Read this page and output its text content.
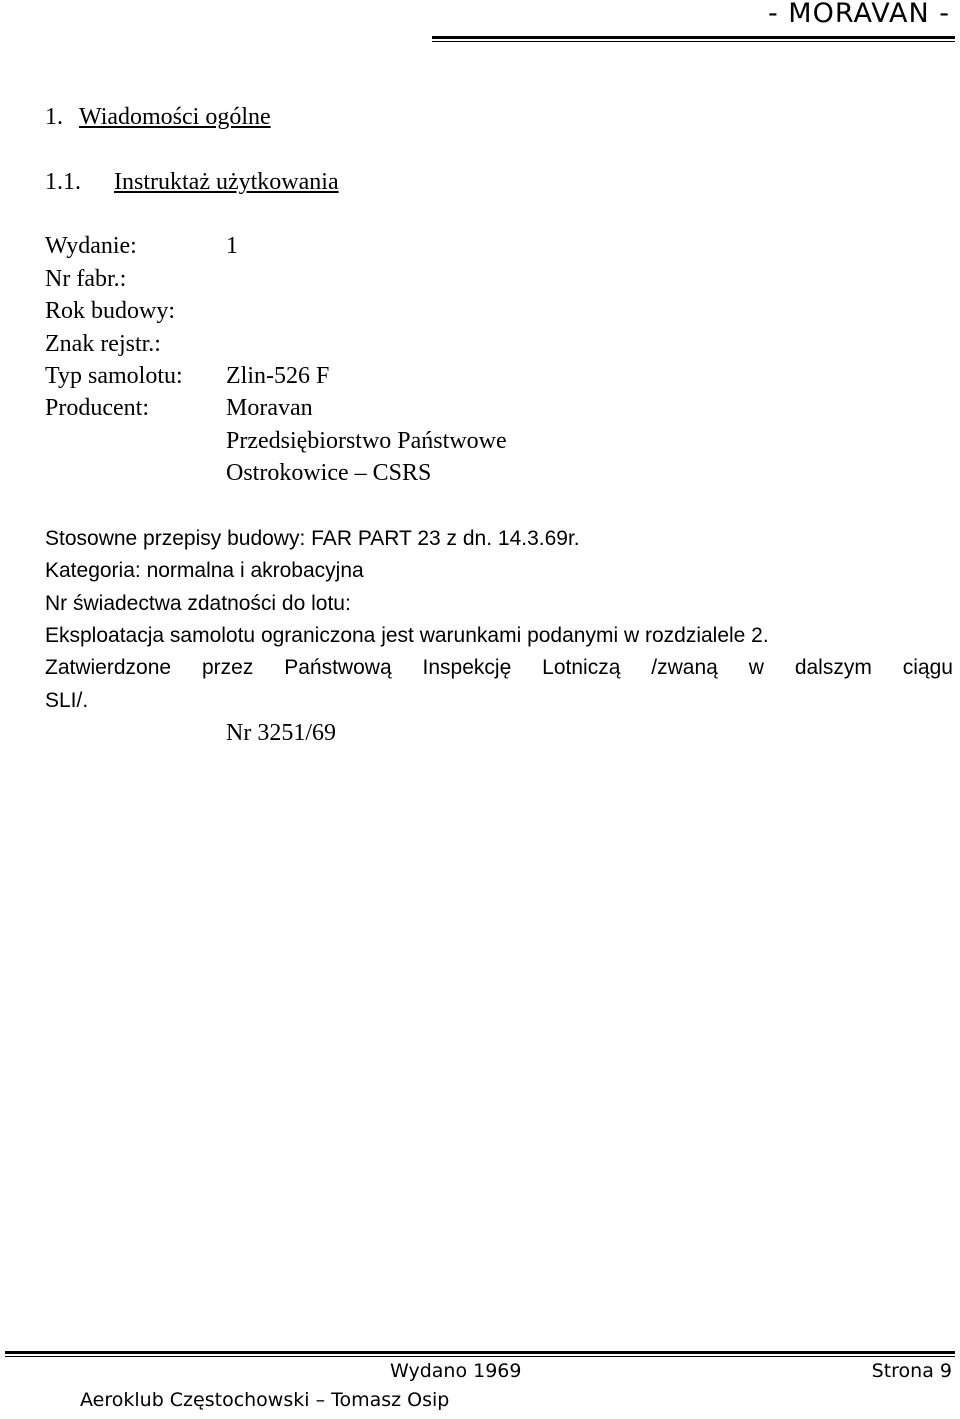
- MORAVAN -
1. Wiadomości ogólne
1.1. Instruktaż użytkowania
Wydanie:	1
Nr fabr.:
Rok budowy:
Znak rejstr.:
Typ samolotu: Zlin-526 F
Producent:	Moravan
Przedsiębiorstwo Państwowe
Ostrokowice – CSRS
Stosowne przepisy budowy: FAR PART 23 z dn. 14.3.69r.
Kategoria: normalna i akrobacyjna
Nr świadectwa zdatności do lotu:
Eksploatacja samolotu ograniczona jest warunkami podanymi w rozdzialele 2.
Zatwierdzone przez Państwową Inspekcję Lotniczą /zwaną w dalszym ciągu
SLI/.
Nr 3251/69
Wydano 1969	Strona 9
Aeroklub Częstochowski – Tomasz Osip
